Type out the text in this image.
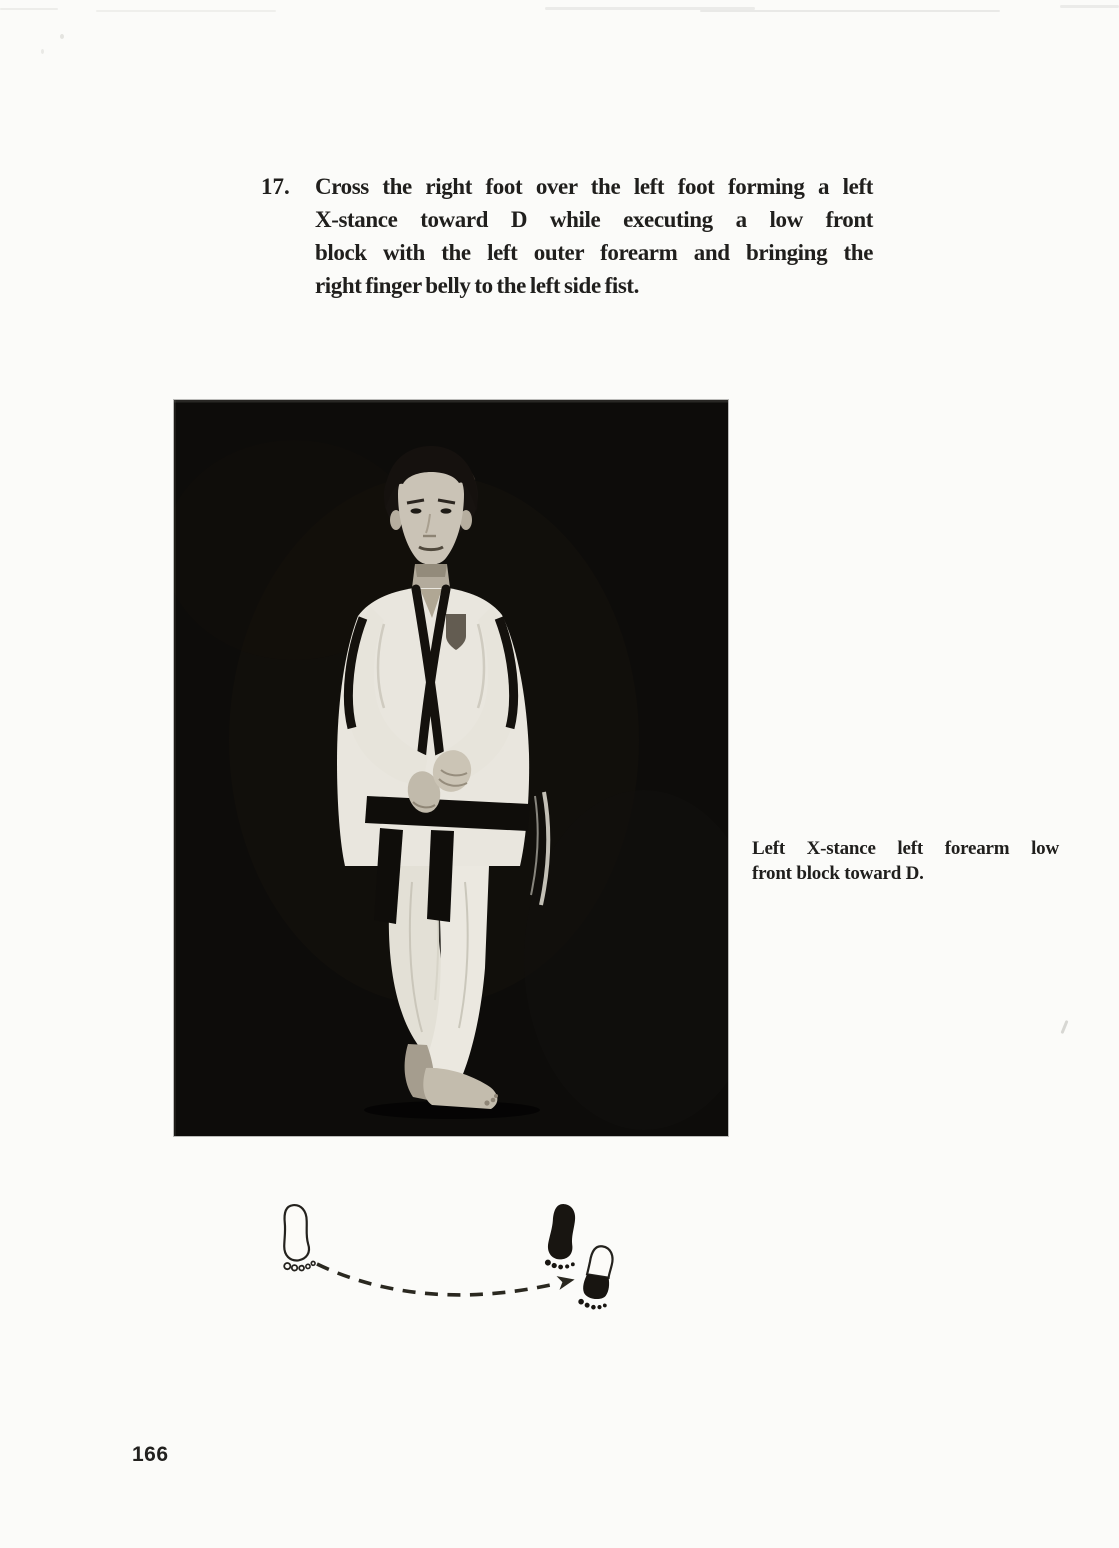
17.	Cross the right foot over the left foot forming a left
X-stance toward D while executing a low front
block with the left outer forearm and bringing the
right finger belly to the left side fist.
Left X-stance left forearm low
front block toward D.
166
